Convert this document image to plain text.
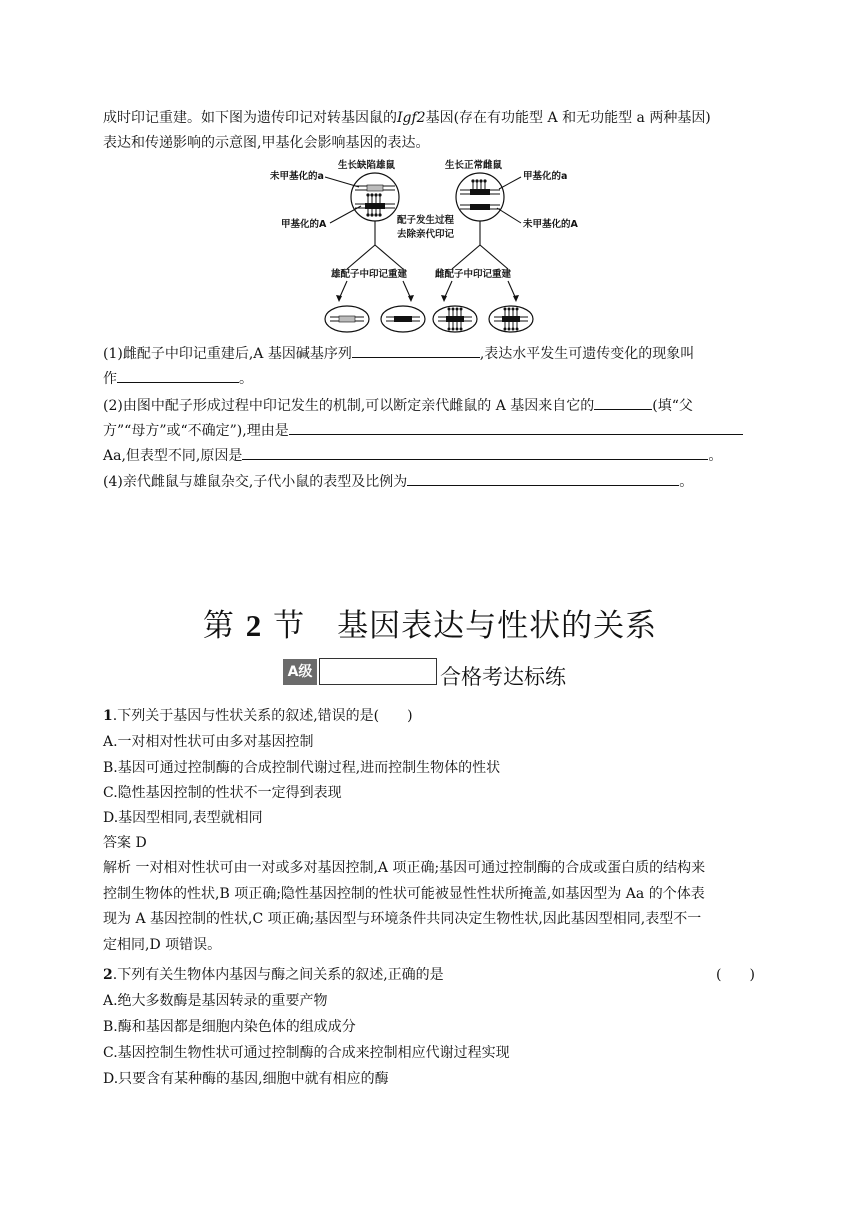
成时印记重建。如下图为遗传印记对转基因鼠的Igf2基因(存在有功能型 A 和无功能型 a 两种基因)
表达和传递影响的示意图,甲基化会影响基因的表达。
生长缺陷雄鼠	生长正常雌鼠
未甲基化的a	甲基化的a
甲基化的A	未甲基化的A
配子发生过程
去除亲代印记
雄配子中印记重建	雌配子中印记重建
(1)雌配子中印记重建后,A 基因碱基序列	,表达水平发生可遗传变化的现象叫
作	。
(2)由图中配子形成过程中印记发生的机制,可以断定亲代雌鼠的 A 基因来自它的	(填“父
方”“母方”或“不确定”),理由是
Aa,但表型不同,原因是	。
(4)亲代雌鼠与雄鼠杂交,子代小鼠的表型及比例为	。
第 2 节　 基因表达与性状的关系
A级	合格考达标练
1.下列关于基因与性状关系的叙述,错误的是(　　)
A.一对相对性状可由多对基因控制
B.基因可通过控制酶的合成控制代谢过程,进而控制生物体的性状
C.隐性基因控制的性状不一定得到表现
D.基因型相同,表型就相同
答案 D
解析 一对相对性状可由一对或多对基因控制,A 项正确;基因可通过控制酶的合成或蛋白质的结构来
控制生物体的性状,B 项正确;隐性基因控制的性状可能被显性性状所掩盖,如基因型为 Aa 的个体表
现为 A 基因控制的性状,C 项正确;基因型与环境条件共同决定生物性状,因此基因型相同,表型不一
定相同,D 项错误。
2.下列有关生物体内基因与酶之间关系的叙述,正确的是	(　　)
A.绝大多数酶是基因转录的重要产物
B.酶和基因都是细胞内染色体的组成成分
C.基因控制生物性状可通过控制酶的合成来控制相应代谢过程实现
D.只要含有某种酶的基因,细胞中就有相应的酶
